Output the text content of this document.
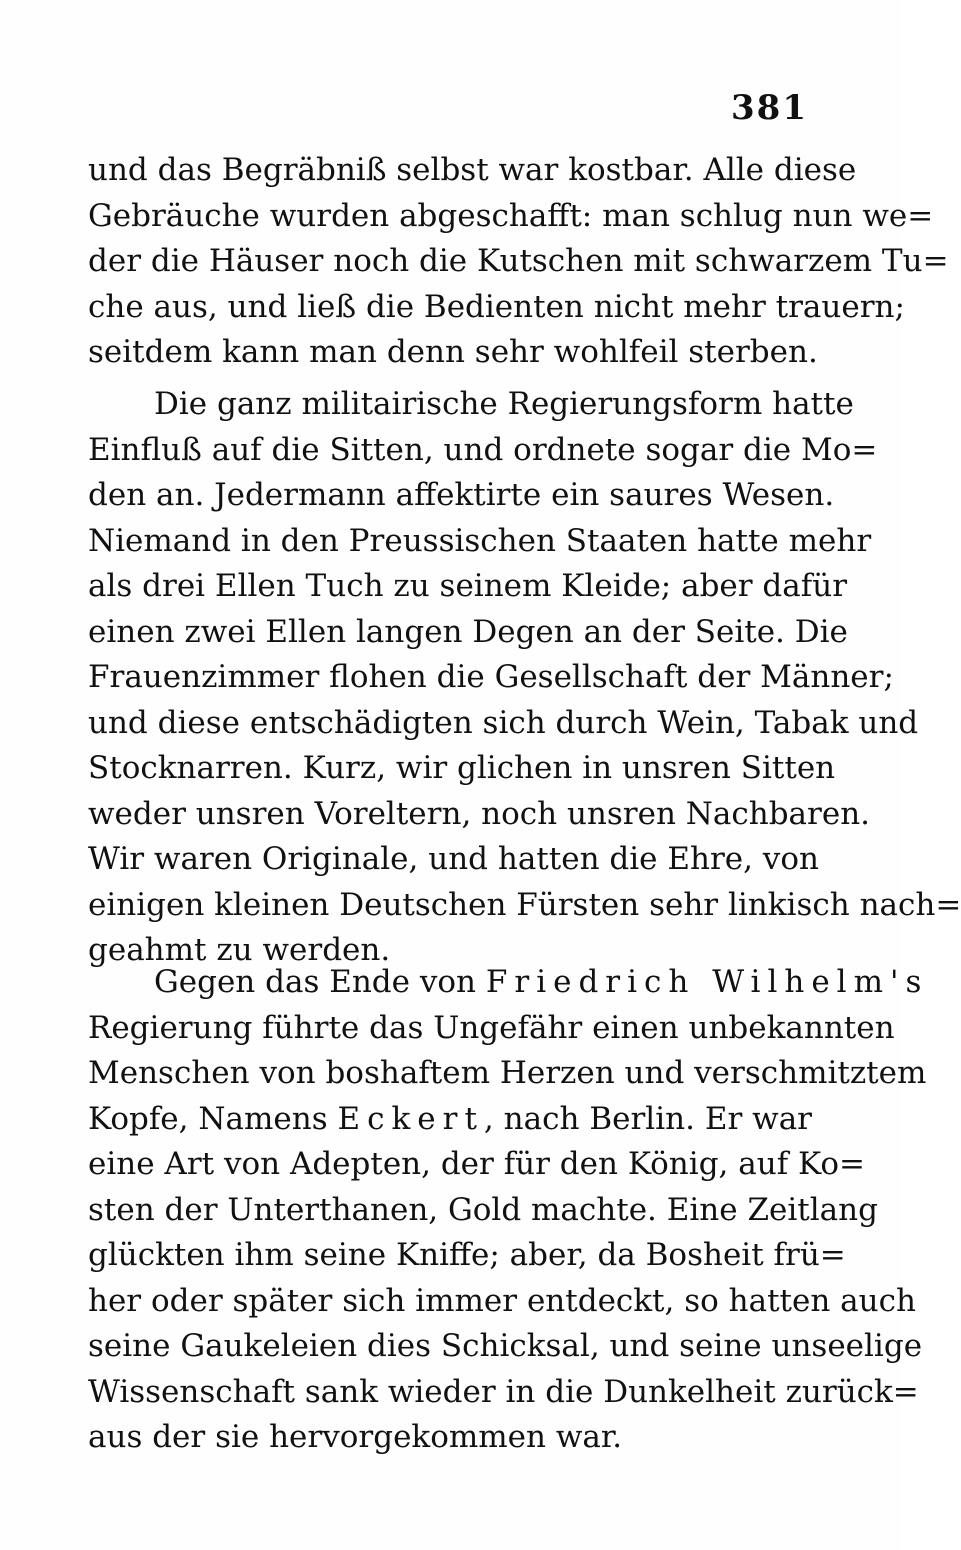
381
und das Begräbniß selbst war kostbar. Alle diese
Gebräuche wurden abgeschafft: man schlug nun we=
der die Häuser noch die Kutschen mit schwarzem Tu=
che aus, und ließ die Bedienten nicht mehr trauern;
seitdem kann man denn sehr wohlfeil sterben.
Die ganz militairische Regierungsform hatte
Einfluß auf die Sitten, und ordnete sogar die Mo=
den an. Jedermann affektirte ein saures Wesen.
Niemand in den Preussischen Staaten hatte mehr
als drei Ellen Tuch zu seinem Kleide; aber dafür
einen zwei Ellen langen Degen an der Seite. Die
Frauenzimmer flohen die Gesellschaft der Männer;
und diese entschädigten sich durch Wein, Tabak und
Stocknarren. Kurz, wir glichen in unsren Sitten
weder unsren Voreltern, noch unsren Nachbaren.
Wir waren Originale, und hatten die Ehre, von
einigen kleinen Deutschen Fürsten sehr linkisch nach=
geahmt zu werden.
Gegen das Ende von Friedrich Wilhelm's
Regierung führte das Ungefähr einen unbekannten
Menschen von boshaftem Herzen und verschmitztem
Kopfe, Namens Eckert, nach Berlin. Er war
eine Art von Adepten, der für den König, auf Ko=
sten der Unterthanen, Gold machte. Eine Zeitlang
glückten ihm seine Kniffe; aber, da Bosheit frü=
her oder später sich immer entdeckt, so hatten auch
seine Gaukeleien dies Schicksal, und seine unseelige
Wissenschaft sank wieder in die Dunkelheit zurück=
aus der sie hervorgekommen war.
